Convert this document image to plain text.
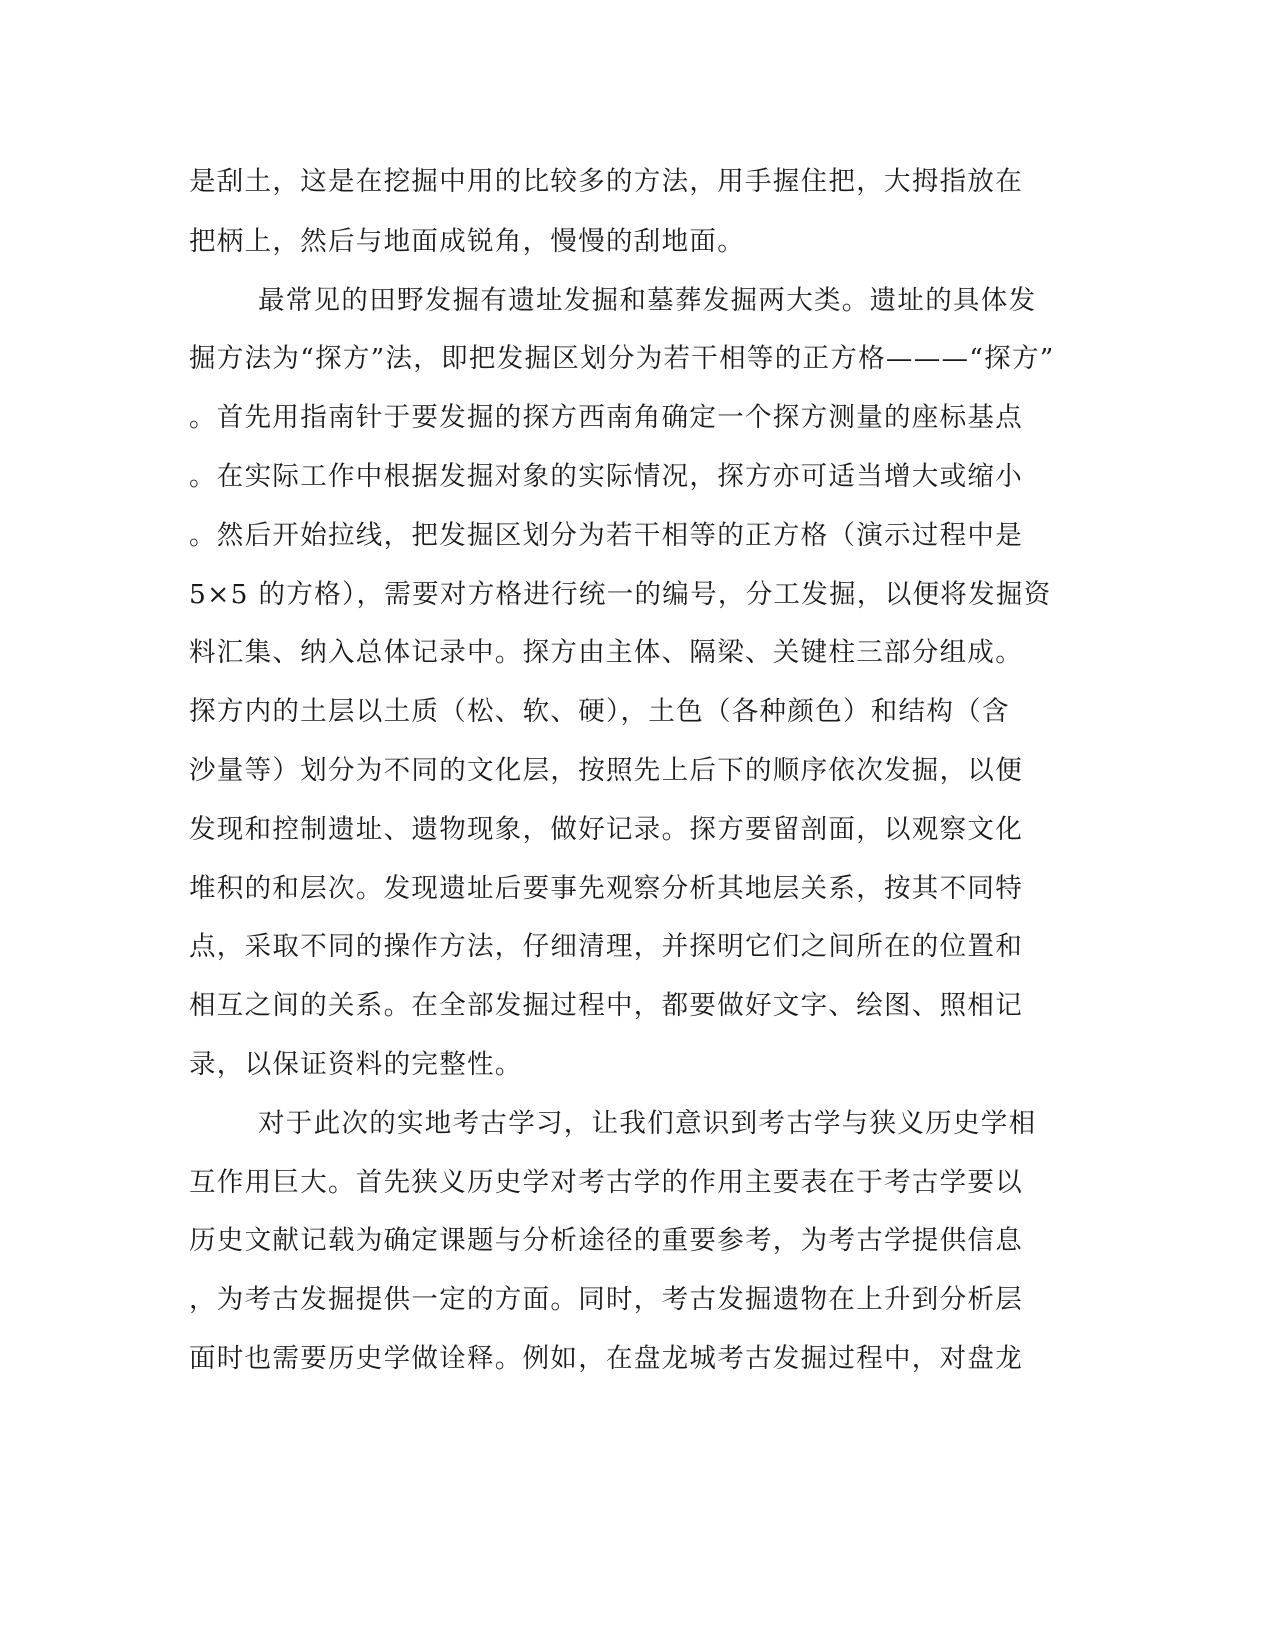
是刮土，这是在挖掘中用的比较多的方法，用手握住把，大拇指放在
把柄上，然后与地面成锐角，慢慢的刮地面。
最常见的田野发掘有遗址发掘和墓葬发掘两大类。遗址的具体发
掘方法为“探方”法，即把发掘区划分为若干相等的正方格———“探方”
。首先用指南针于要发掘的探方西南角确定一个探方测量的座标基点
。在实际工作中根据发掘对象的实际情况，探方亦可适当增大或缩小
。然后开始拉线，把发掘区划分为若干相等的正方格（演示过程中是
5×5 的方格），需要对方格进行统一的编号，分工发掘，以便将发掘资
料汇集、纳入总体记录中。探方由主体、隔梁、关键柱三部分组成。
探方内的土层以土质（松、软、硬），土色（各种颜色）和结构（含
沙量等）划分为不同的文化层，按照先上后下的顺序依次发掘，以便
发现和控制遗址、遗物现象，做好记录。探方要留剖面，以观察文化
堆积的和层次。发现遗址后要事先观察分析其地层关系，按其不同特
点，采取不同的操作方法，仔细清理，并探明它们之间所在的位置和
相互之间的关系。在全部发掘过程中，都要做好文字、绘图、照相记
录，以保证资料的完整性。
对于此次的实地考古学习，让我们意识到考古学与狭义历史学相
互作用巨大。首先狭义历史学对考古学的作用主要表在于考古学要以
历史文献记载为确定课题与分析途径的重要参考，为考古学提供信息
，为考古发掘提供一定的方面。同时，考古发掘遗物在上升到分析层
面时也需要历史学做诠释。例如，在盘龙城考古发掘过程中，对盘龙
